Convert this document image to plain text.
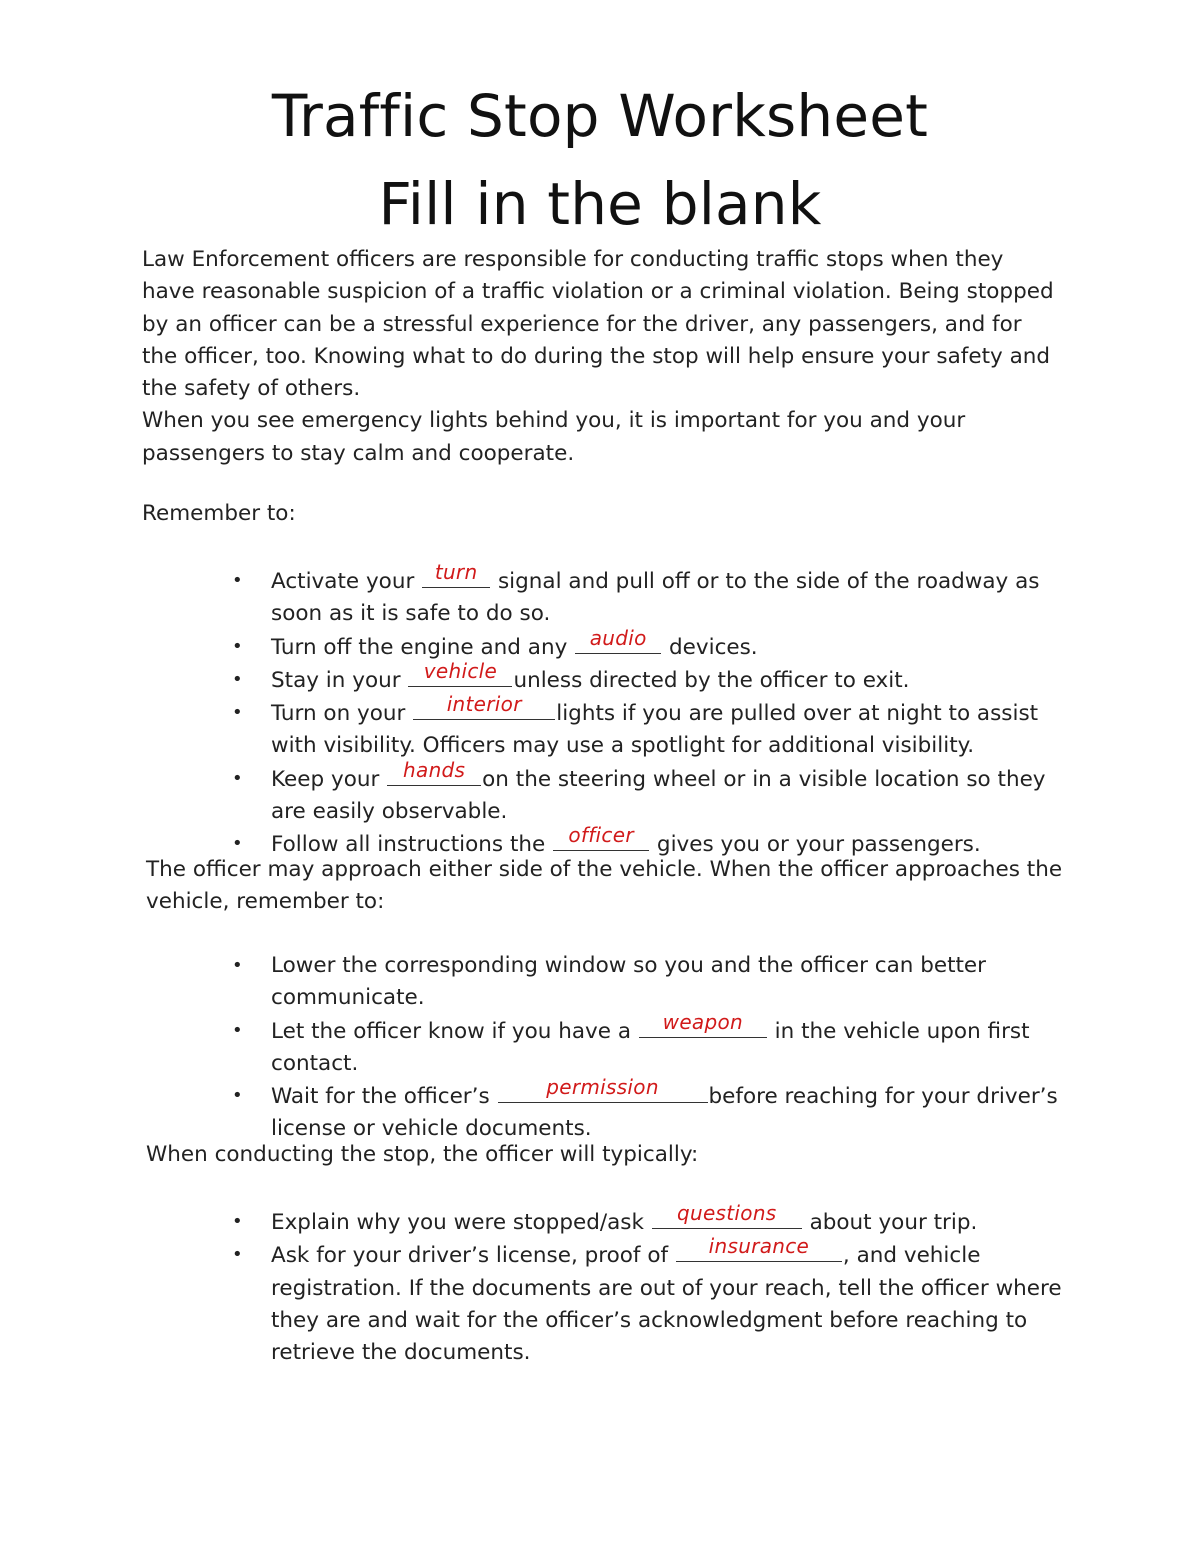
Traffic Stop Worksheet
Fill in the blank
Law Enforcement officers are responsible for conducting traffic stops when they have reasonable suspicion of a traffic violation or a criminal violation. Being stopped by an officer can be a stressful experience for the driver, any passengers, and for the officer, too. Knowing what to do during the stop will help ensure your safety and the safety of others.
When you see emergency lights behind you, it is important for you and your passengers to stay calm and cooperate.

Remember to:

• Activate your turn signal and pull off or to the side of the roadway as soon as it is safe to do so.
• Turn off the engine and any audio devices.
• Stay in your vehicle unless directed by the officer to exit.
• Turn on your	interior	lights if you are pulled over at night to assist with visibility. Officers may use a spotlight for additional visibility.
• Keep your hands on the steering wheel or in a visible location so they are easily observable.
• Follow all instructions the officer gives you or your passengers.

The officer may approach either side of the vehicle. When the officer approaches the vehicle, remember to:

• Lower the corresponding window so you and the officer can better communicate.
• Let the officer know if you have a	weapon	in the vehicle upon first contact.
• Wait for the officer’s	permission	before reaching for your driver’s license or vehicle documents.

When conducting the stop, the officer will typically:

• Explain why you were stopped/ask	questions	about your trip.
• Ask for your driver’s license, proof of	insurance	, and vehicle registration. If the documents are out of your reach, tell the officer where they are and wait for the officer’s acknowledgment before reaching to retrieve the documents.
